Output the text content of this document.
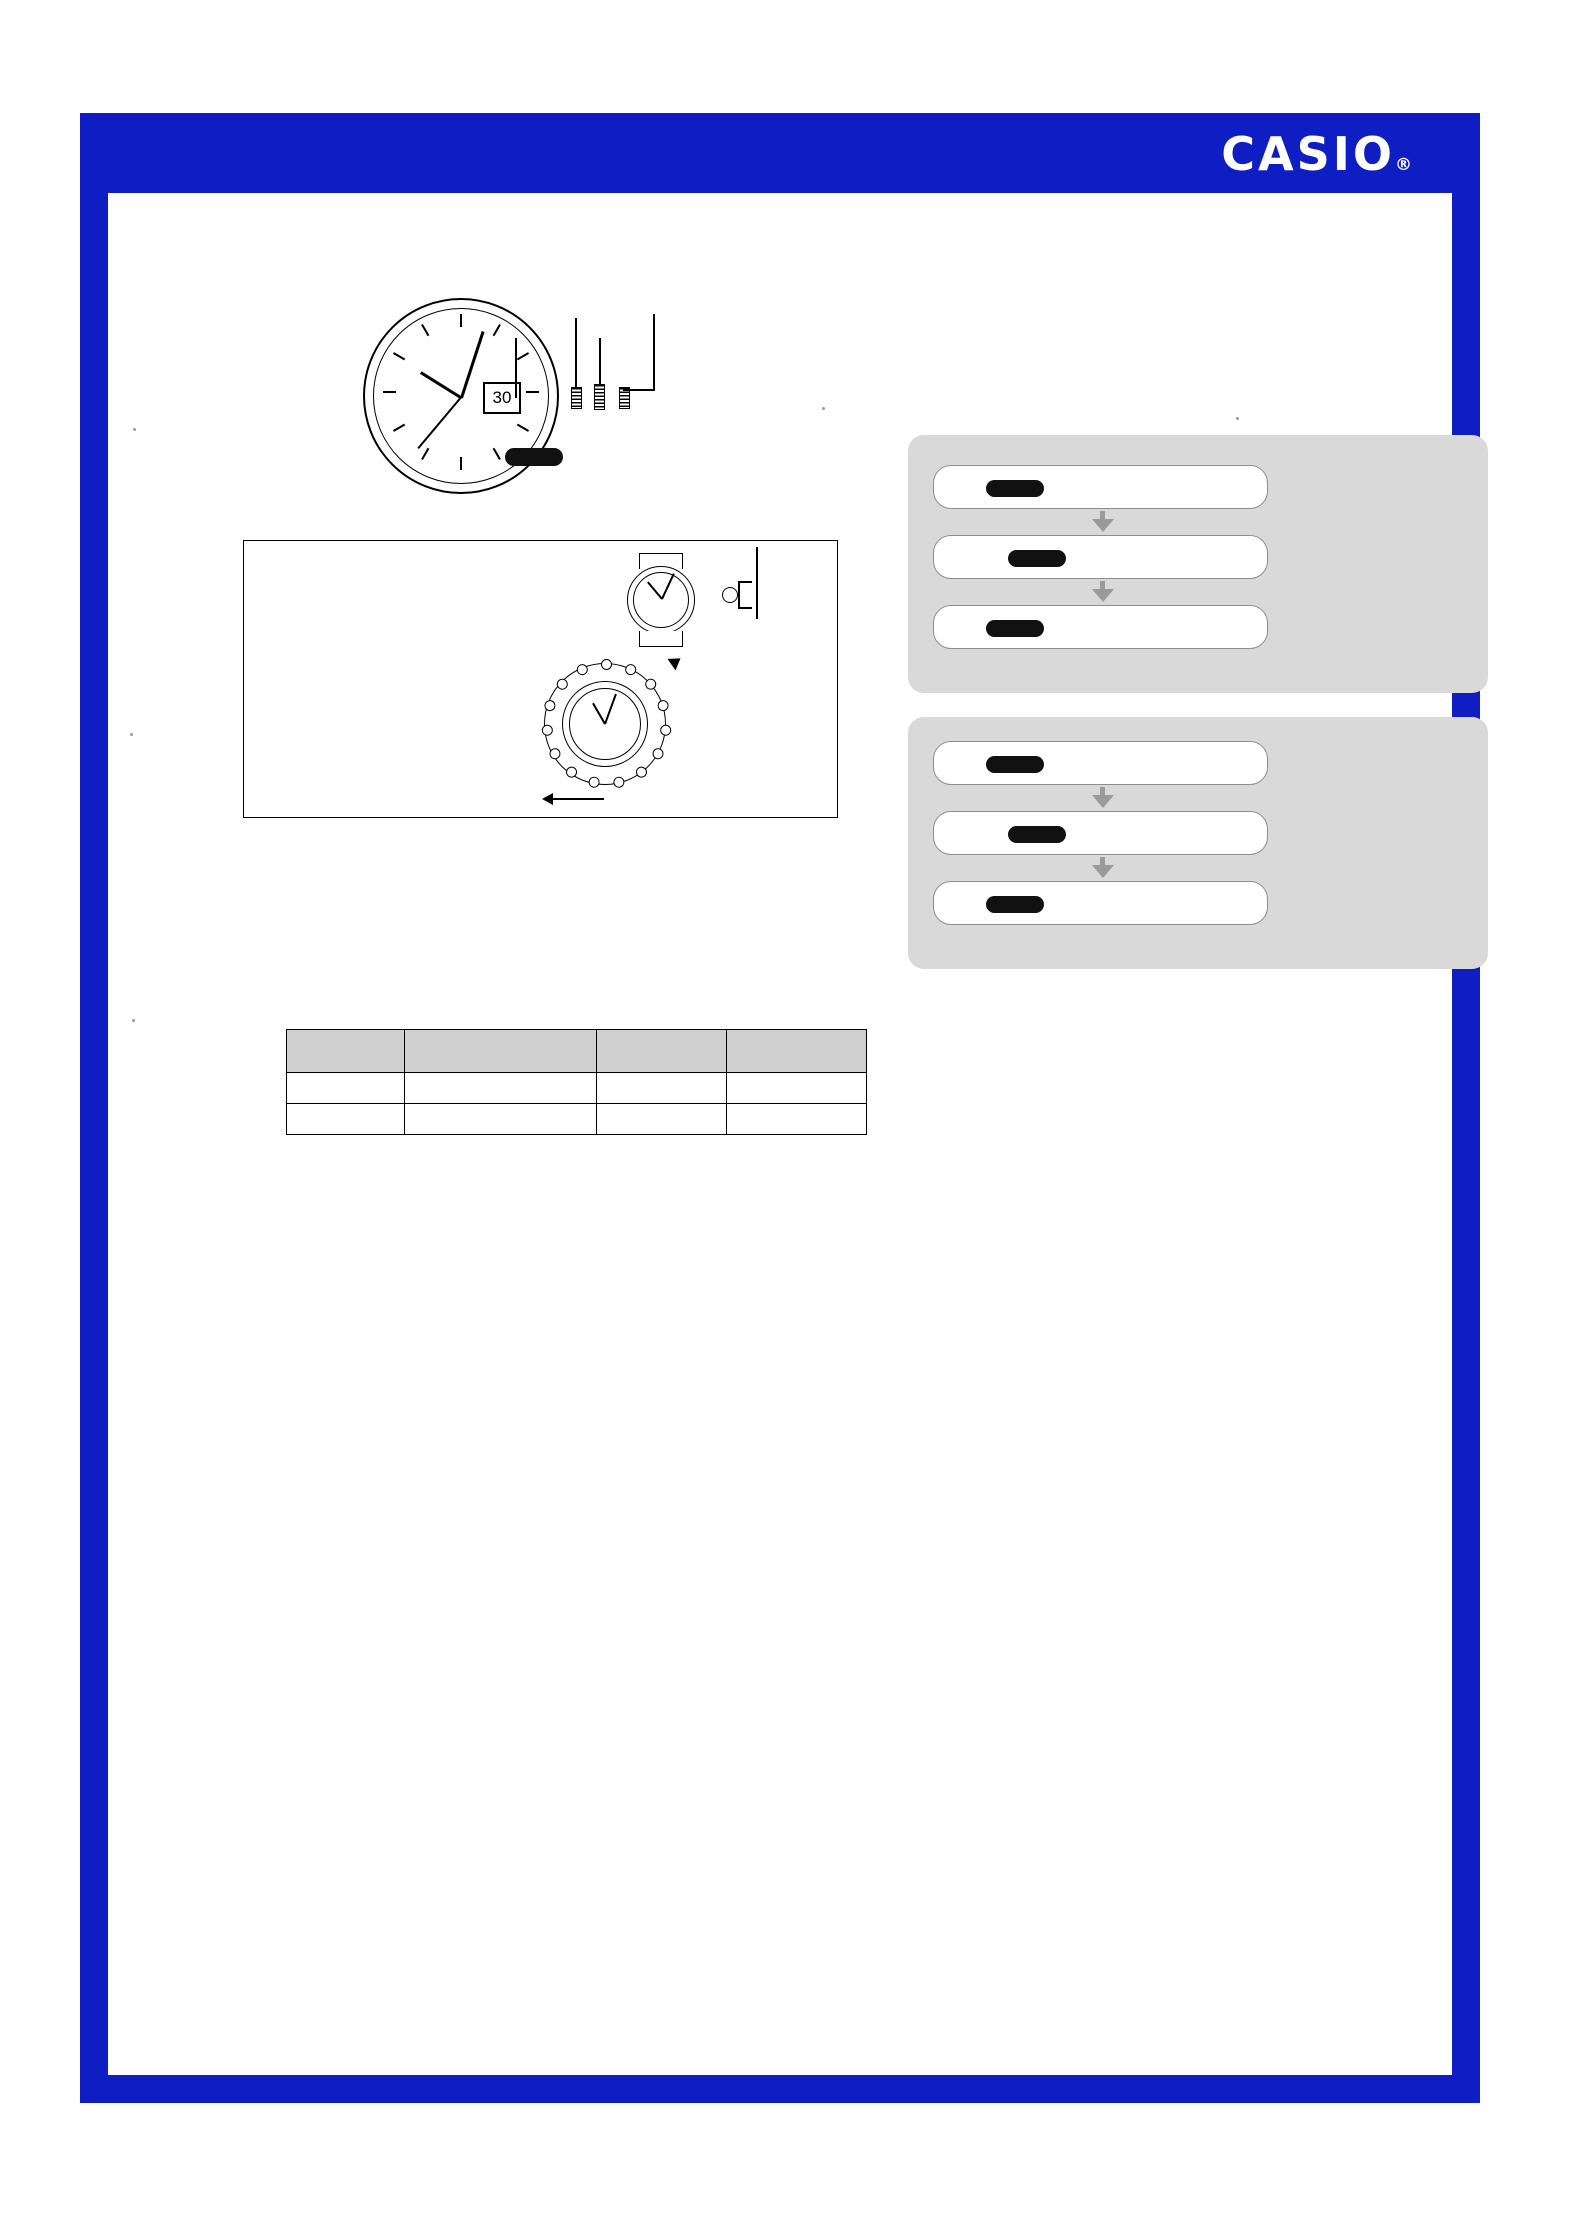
CASIO®
30
